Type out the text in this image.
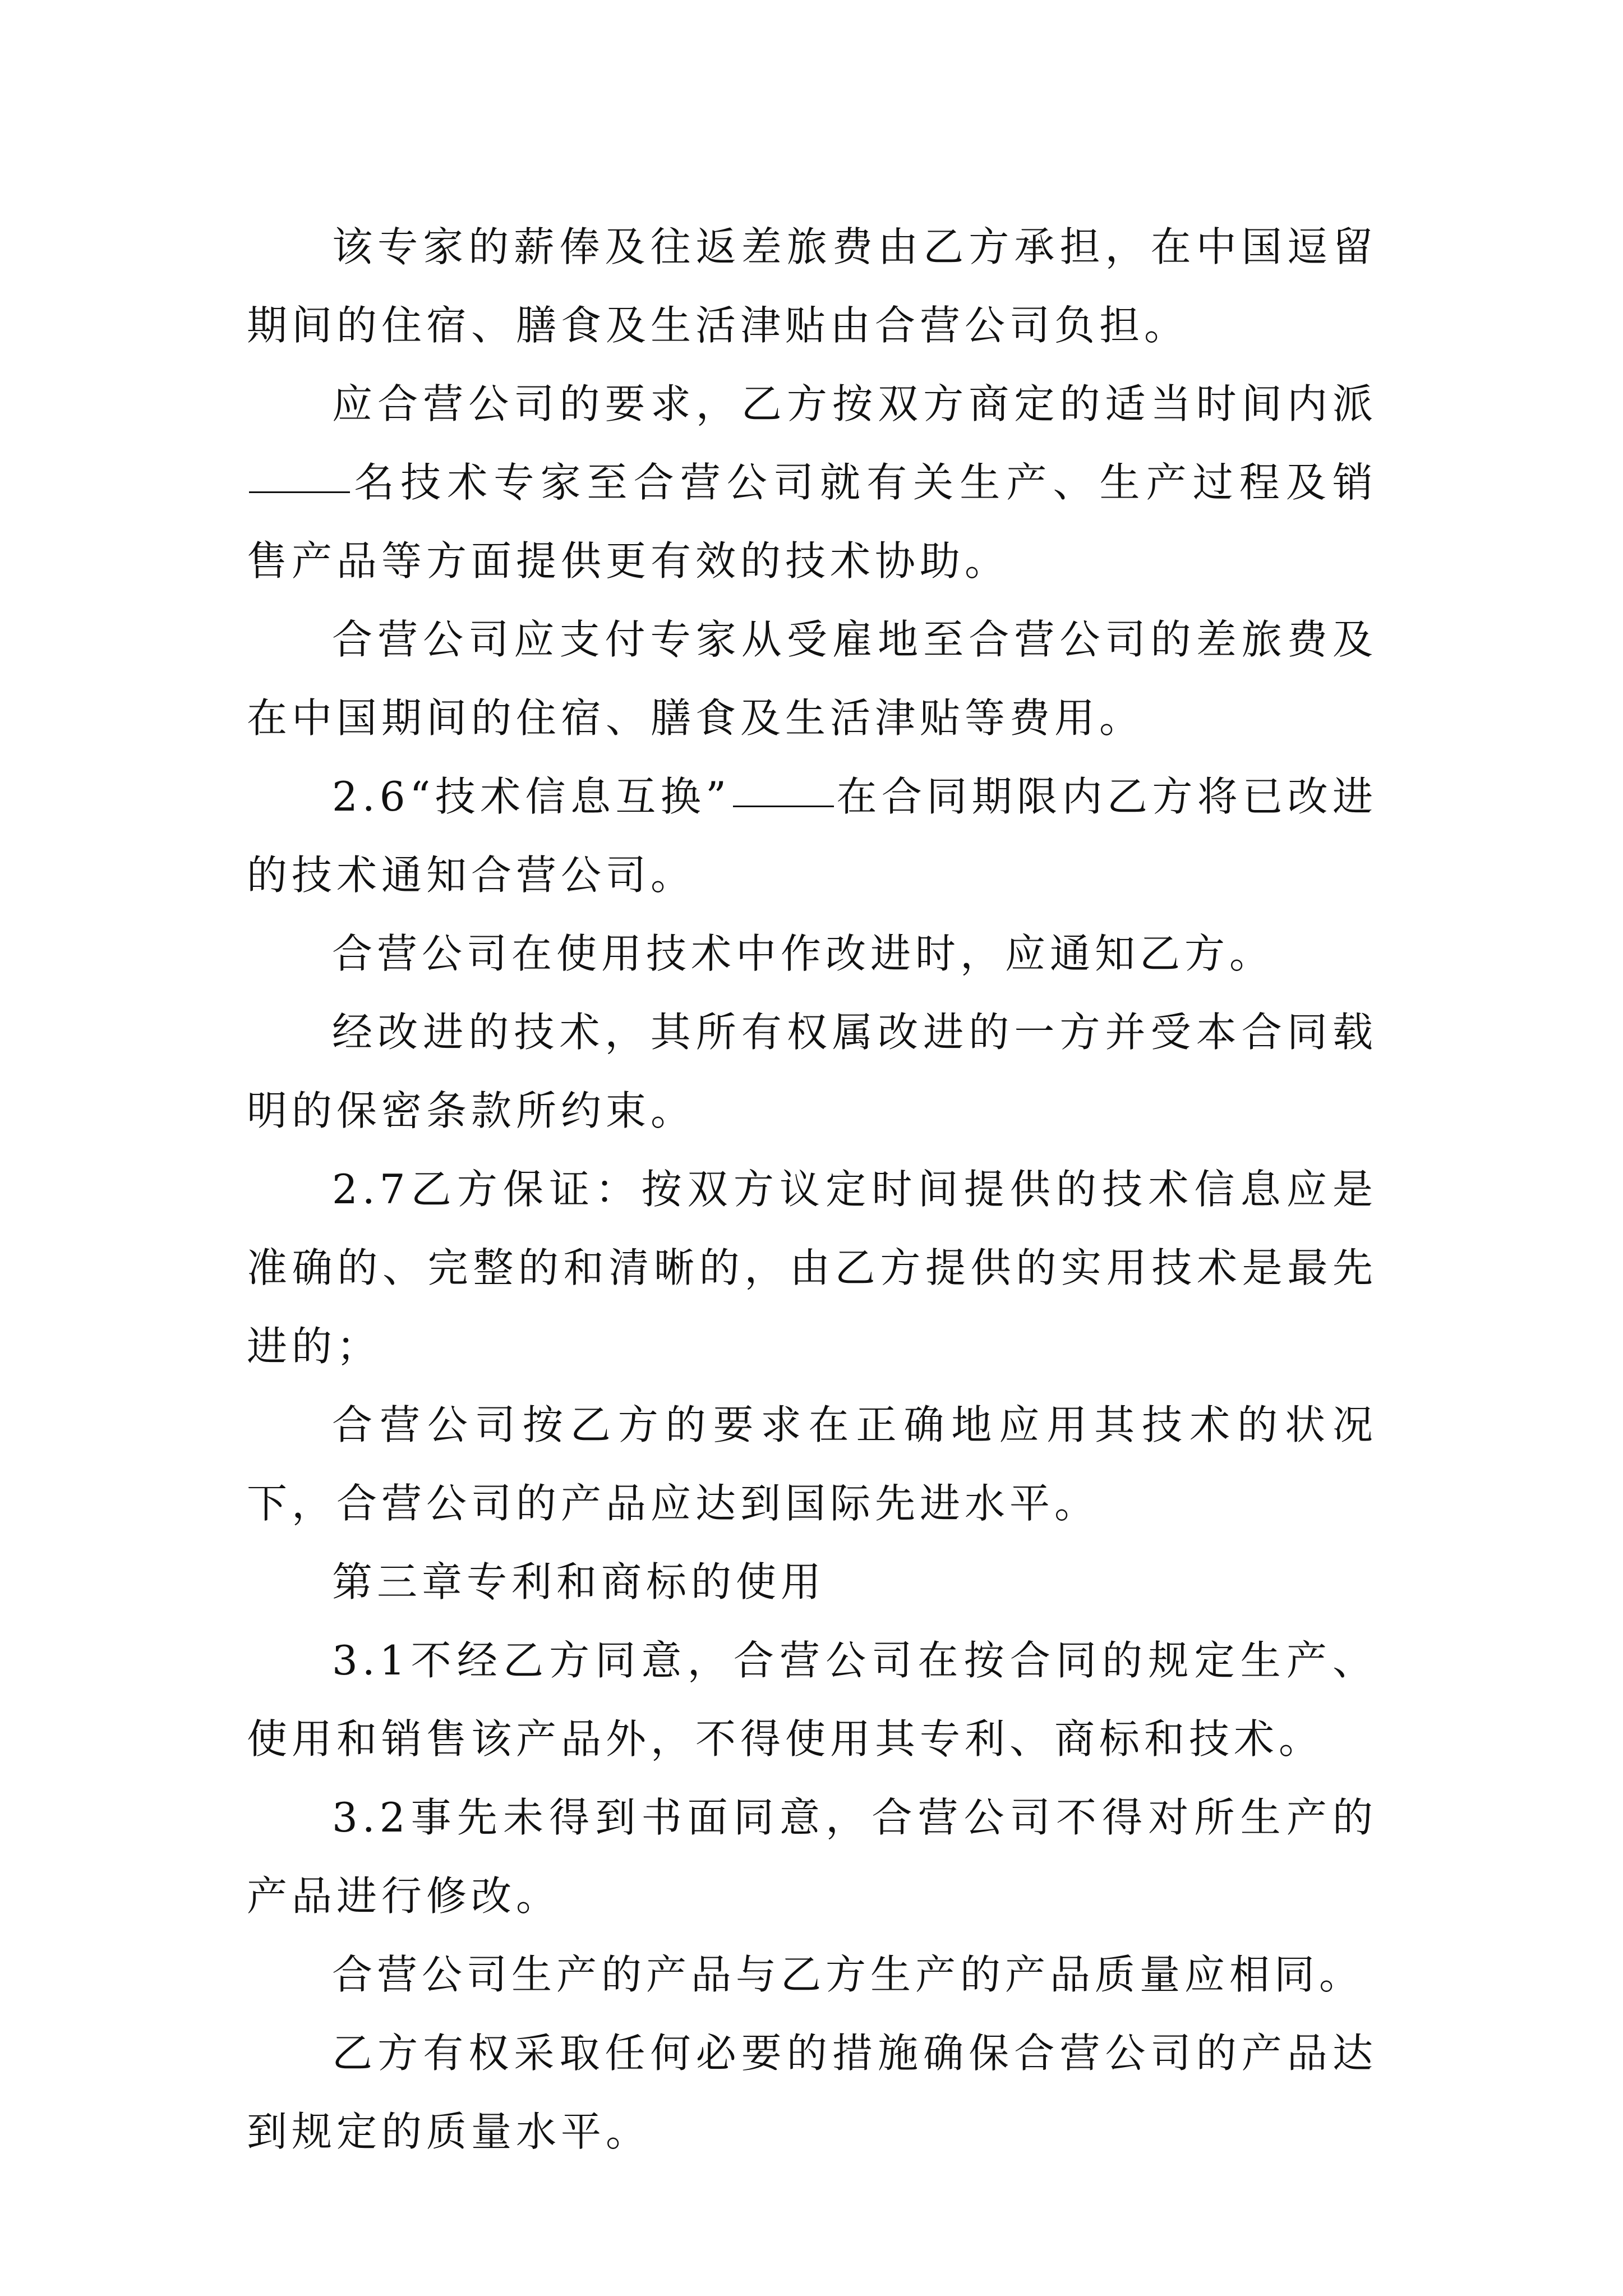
该专家的薪俸及往返差旅费由乙方承担，在中国逗留期间的住宿、膳食及生活津贴由合营公司负担。

应合营公司的要求，乙方按双方商定的适当时间内派名技术专家至合营公司就有关生产、生产过程及销售产品等方面提供更有效的技术协助。

合营公司应支付专家从受雇地至合营公司的差旅费及在中国期间的住宿、膳食及生活津贴等费用。

2.6“技术信息互换”	在合同期限内乙方将已改进的技术通知合营公司。

合营公司在使用技术中作改进时，应通知乙方。

经改进的技术，其所有权属改进的一方并受本合同载明的保密条款所约束。

2.7乙方保证：按双方议定时间提供的技术信息应是准确的、完整的和清晰的，由乙方提供的实用技术是最先进的；

合营公司按乙方的要求在正确地应用其技术的状况下，合营公司的产品应达到国际先进水平。

第三章专利和商标的使用

3.1不经乙方同意，合营公司在按合同的规定生产、使用和销售该产品外，不得使用其专利、商标和技术。

3.2事先未得到书面同意，合营公司不得对所生产的产品进行修改。

合营公司生产的产品与乙方生产的产品质量应相同。

乙方有权采取任何必要的措施确保合营公司的产品达到规定的质量水平。
